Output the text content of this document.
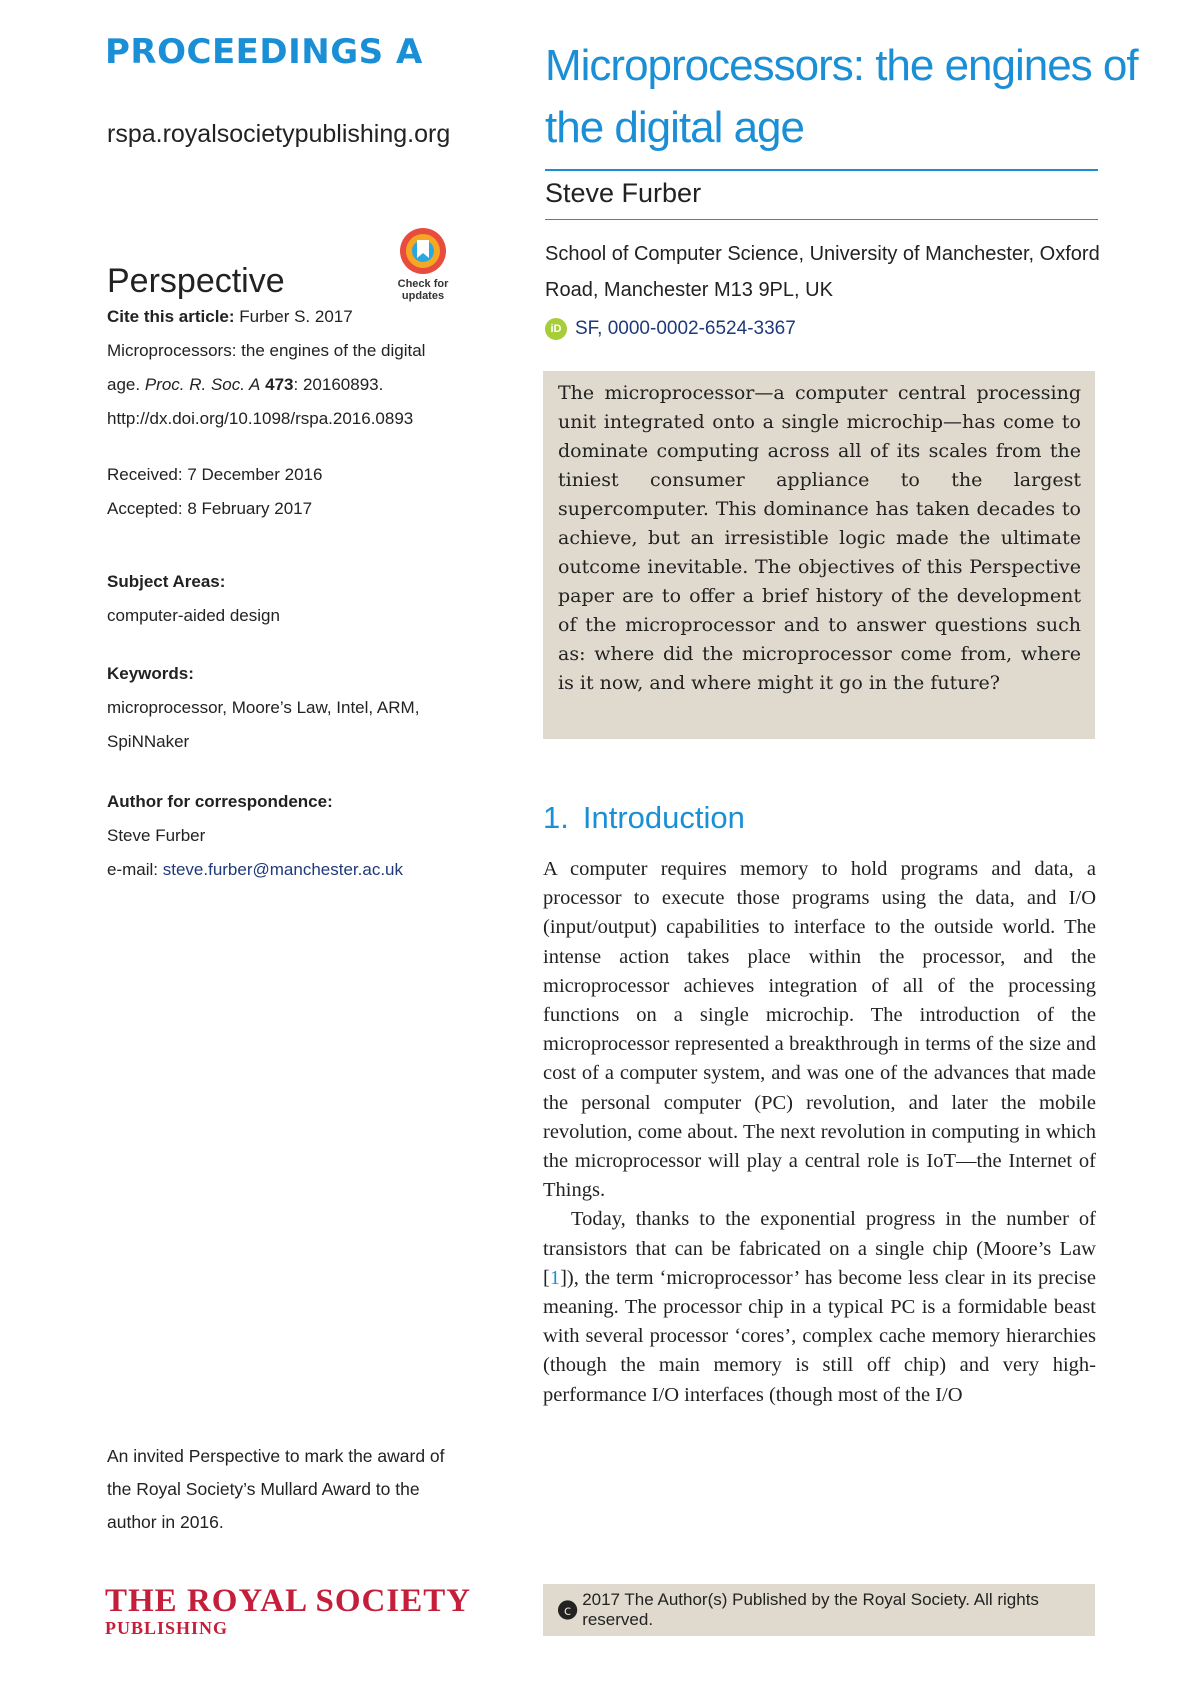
PROCEEDINGS A
rspa.royalsocietypublishing.org
Perspective	Check for updates
Cite this article: Furber S. 2017 Microprocessors: the engines of the digital age. Proc. R. Soc. A 473: 20160893. http://dx.doi.org/10.1098/rspa.2016.0893
Received: 7 December 2016
Accepted: 8 February 2017
Subject Areas:
computer-aided design
Keywords:
microprocessor, Moore’s Law, Intel, ARM, SpiNNaker
Author for correspondence:
Steve Furber
e-mail: steve.furber@manchester.ac.uk
An invited Perspective to mark the award of the Royal Society’s Mullard Award to the author in 2016.
THE ROYAL SOCIETY
PUBLISHING
Microprocessors: the engines of the digital age
Steve Furber
School of Computer Science, University of Manchester, Oxford Road, Manchester M13 9PL, UK
iD SF, 0000-0002-6524-3367
The microprocessor—a computer central processing unit integrated onto a single microchip—has come to dominate computing across all of its scales from the tiniest consumer appliance to the largest supercomputer. This dominance has taken decades to achieve, but an irresistible logic made the ultimate outcome inevitable. The objectives of this Perspective paper are to offer a brief history of the development of the microprocessor and to answer questions such as: where did the microprocessor come from, where is it now, and where might it go in the future?
1. Introduction

A computer requires memory to hold programs and data, a processor to execute those programs using the data, and I/O (input/output) capabilities to interface to the outside world. The intense action takes place within the processor, and the microprocessor achieves integration of all of the processing functions on a single microchip. The introduction of the microprocessor represented a breakthrough in terms of the size and cost of a computer system, and was one of the advances that made the personal computer (PC) revolution, and later the mobile revolution, come about. The next revolution in computing in which the microprocessor will play a central role is IoT—the Internet of Things.

Today, thanks to the exponential progress in the number of transistors that can be fabricated on a single chip (Moore’s Law [1]), the term ‘microprocessor’ has become less clear in its precise meaning. The processor chip in a typical PC is a formidable beast with several processor ‘cores’, complex cache memory hierarchies (though the main memory is still off chip) and very high-performance I/O interfaces (though most of the I/O

c
2017 The Author(s) Published by the Royal Society. All rights reserved.
